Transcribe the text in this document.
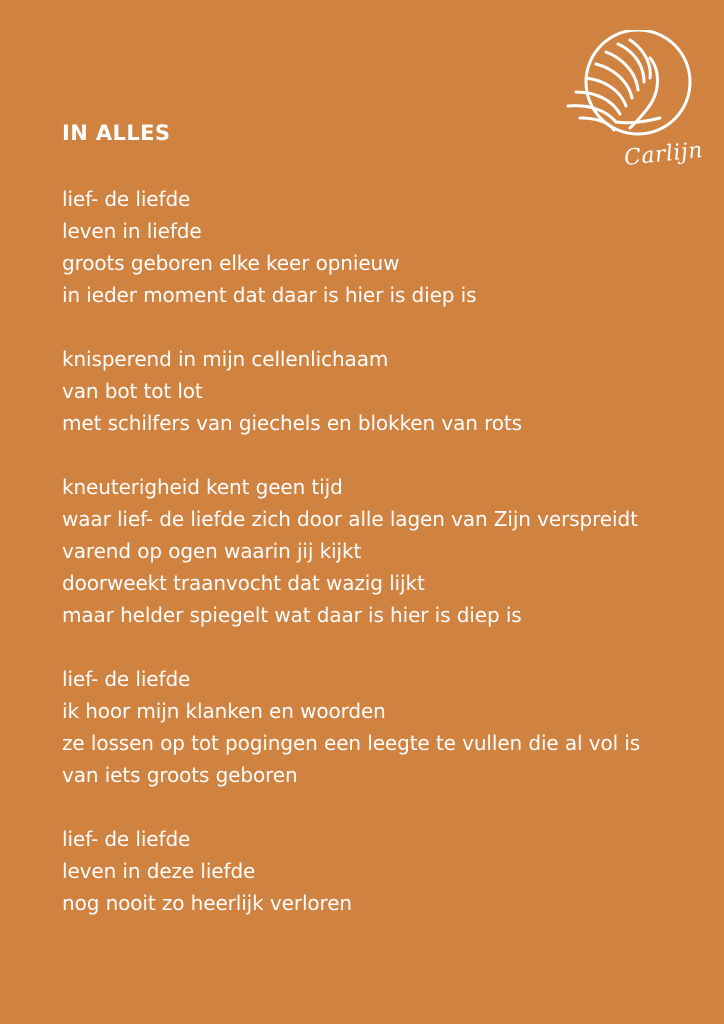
Carlijn
IN ALLES
lief- de liefde
leven in liefde
groots geboren elke keer opnieuw
in ieder moment dat daar is hier is diep is
knisperend in mijn cellenlichaam
van bot tot lot
met schilfers van giechels en blokken van rots
kneuterigheid kent geen tijd
waar lief- de liefde zich door alle lagen van Zijn verspreidt
varend op ogen waarin jij kijkt
doorweekt traanvocht dat wazig lijkt
maar helder spiegelt wat daar is hier is diep is
lief- de liefde
ik hoor mijn klanken en woorden
ze lossen op tot pogingen een leegte te vullen die al vol is
van iets groots geboren
lief- de liefde
leven in deze liefde
nog nooit zo heerlijk verloren
